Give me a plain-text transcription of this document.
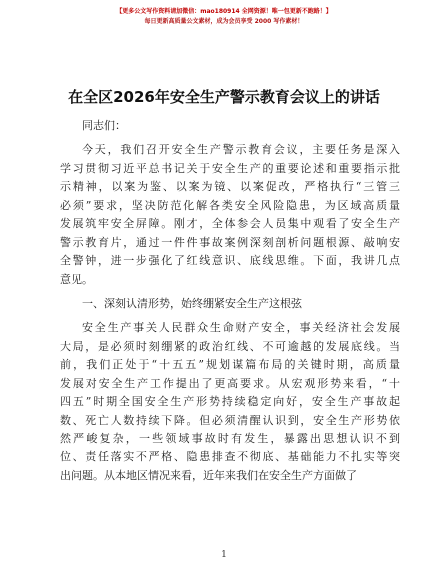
【更多公文写作资料请加微信：mao180914 全网资源！唯一包更新不跑路！】
每日更新高质量公文素材，成为会员享受 2000 写作素材！
在全区2026年安全生产警示教育会议上的讲话
同志们：
今天，我们召开安全生产警示教育会议，主要任务是深入
学习贯彻习近平总书记关于安全生产的重要论述和重要指示批
示精神，以案为鉴、以案为镜、以案促改，严格执行“三管三
必须”要求，坚决防范化解各类安全风险隐患，为区域高质量
发展筑牢安全屏障。刚才，全体参会人员集中观看了安全生产
警示教育片，通过一件件事故案例深刻剖析问题根源、敲响安
全警钟，进一步强化了红线意识、底线思维。下面，我讲几点
意见。
一、深刻认清形势，始终绷紧安全生产这根弦
安全生产事关人民群众生命财产安全，事关经济社会发展
大局，是必须时刻绷紧的政治红线、不可逾越的发展底线。当
前，我们正处于“十五五”规划谋篇布局的关键时期，高质量
发展对安全生产工作提出了更高要求。从宏观形势来看，“十
四五”时期全国安全生产形势持续稳定向好，安全生产事故起
数、死亡人数持续下降。但必须清醒认识到，安全生产形势依
然严峻复杂，一些领域事故时有发生，暴露出思想认识不到
位、责任落实不严格、隐患排查不彻底、基础能力不扎实等突
出问题。从本地区情况来看，近年来我们在安全生产方面做了
1
